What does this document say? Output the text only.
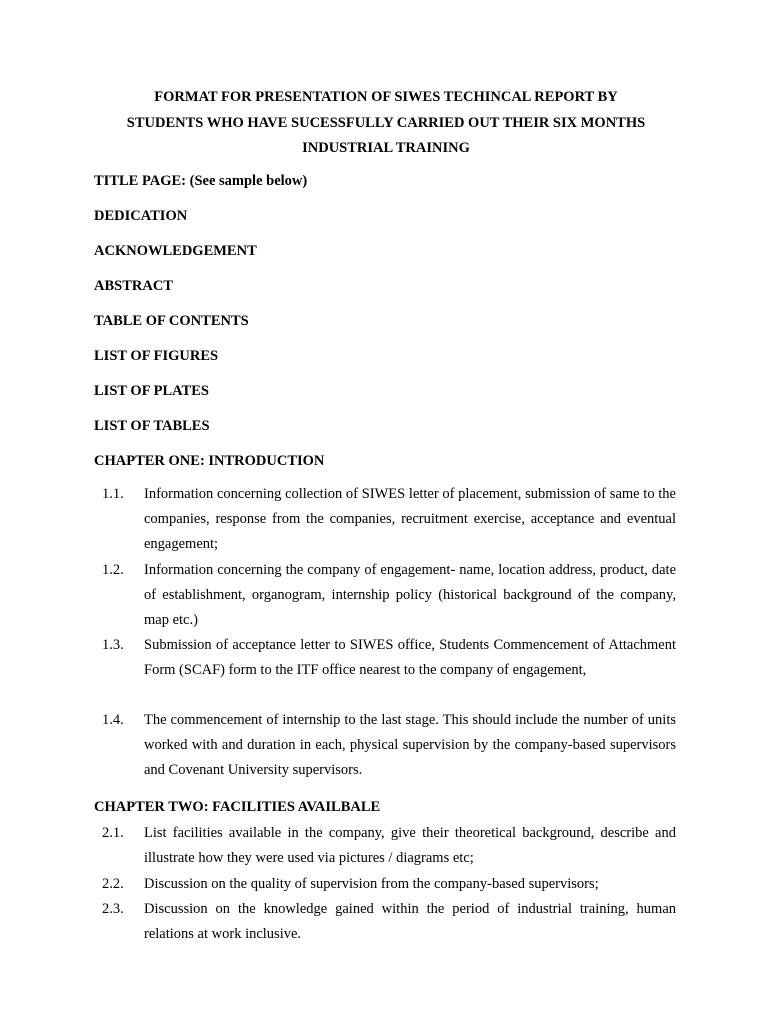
FORMAT FOR PRESENTATION OF SIWES TECHINCAL REPORT BY
STUDENTS WHO HAVE SUCESSFULLY CARRIED OUT THEIR SIX MONTHS
INDUSTRIAL TRAINING
TITLE PAGE: (See sample below)
DEDICATION
ACKNOWLEDGEMENT
ABSTRACT
TABLE OF CONTENTS
LIST OF FIGURES
LIST OF PLATES
LIST OF TABLES
CHAPTER ONE: INTRODUCTION
1.1. Information concerning collection of SIWES letter of placement, submission of same to the companies, response from the companies, recruitment exercise, acceptance and eventual engagement;
1.2. Information concerning the company of engagement- name, location address, product, date of establishment, organogram, internship policy (historical background of the company, map etc.)
1.3. Submission of acceptance letter to SIWES office, Students Commencement of Attachment Form (SCAF) form to the ITF office nearest to the company of engagement,
1.4. The commencement of internship to the last stage. This should include the number of units worked with and duration in each, physical supervision by the company-based supervisors and Covenant University supervisors.
CHAPTER TWO: FACILITIES AVAILBALE
2.1. List facilities available in the company, give their theoretical background, describe and illustrate how they were used via pictures / diagrams etc;
2.2. Discussion on the quality of supervision from the company-based supervisors;
2.3. Discussion on the knowledge gained within the period of industrial training, human relations at work inclusive.
